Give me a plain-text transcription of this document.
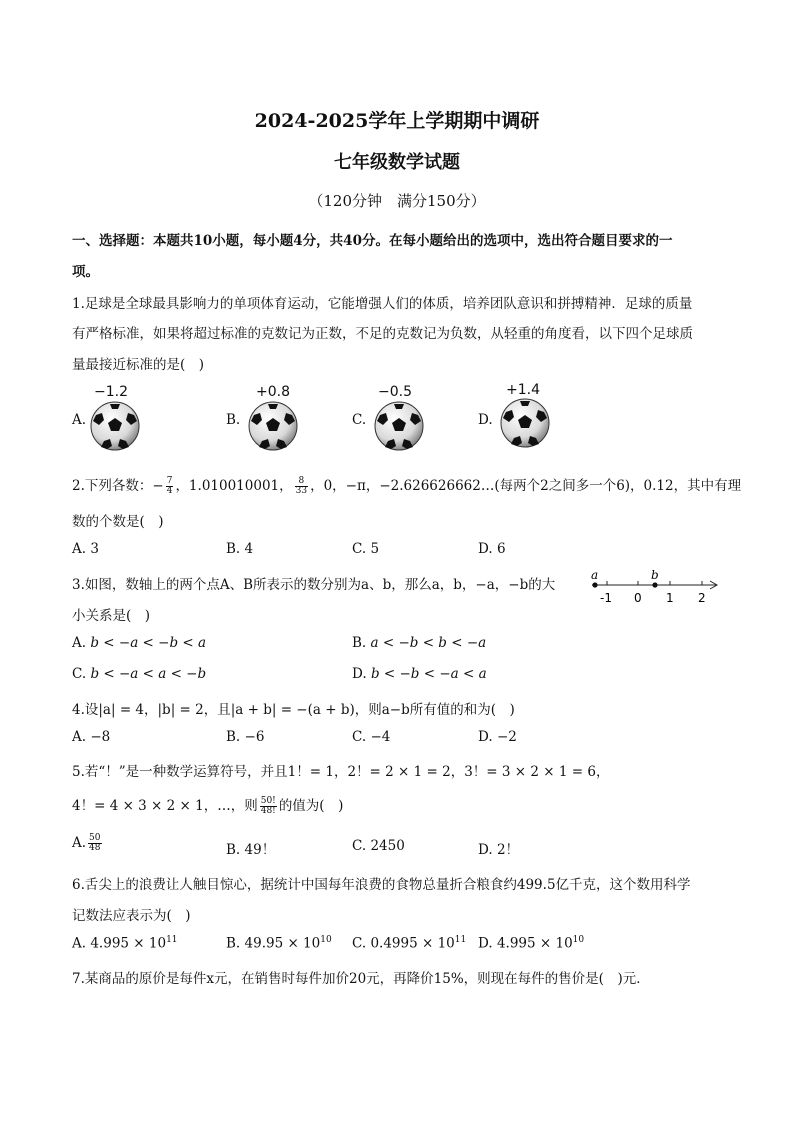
2024-2025学年上学期期中调研
七年级数学试题
（120分钟　满分150分）
一、选择题：本题共10小题，每小题4分，共40分。在每小题给出的选项中，选出符合题目要求的一
项。
1.足球是全球最具影响力的单项体育运动，它能增强人们的体质，培养团队意识和拼搏精神．足球的质量
有严格标准，如果将超过标准的克数记为正数，不足的克数记为负数，从轻重的角度看，以下四个足球质
量最接近标准的是(　)
A.
−1.2
B.
+0.8
C.
−0.5
D.
+1.4
2.下列各数：− $\frac{7}{4}$ ，1.010010001， $\frac{8}{33}$ ，0，−π，−2.626626662…(每两个2之间多一个6)，0.12，其中有理
数的个数是(　)
A. 3	B. 4	C. 5	D. 6
3.如图，数轴上的两个点A、B所表示的数分别为a、b，那么a，b，−a，−b的大
小关系是(　)
a	b
-1 0 1 2
A. b < −a < −b < a	B. a < −b < b < −a
C. b < −a < a < −b	D. b < −b < −a < a
4.设|a| = 4，|b| = 2，且|a + b| = −(a + b)，则a−b所有值的和为(　)
A. −8	B. −6	C. −4	D. −2
5.若“！”是一种数学运算符号，并且1！= 1，2！= 2 × 1 = 2，3！= 3 × 2 × 1 = 6，
4！= 4 × 3 × 2 × 1，…，则 $\frac{50!}{48!}$ 的值为(　)
A. $\frac{50}{48}$	B. 49！	C. 2450	D. 2！
6.舌尖上的浪费让人触目惊心，据统计中国每年浪费的食物总量折合粮食约499.5亿千克，这个数用科学
记数法应表示为(　)
A. $4.995 \times 10^{11}$	B. $49.95 \times 10^{10}$ C. $0.4995 \times 10^{11}$ D. $4.995 \times 10^{10}$
7.某商品的原价是每件x元，在销售时每件加价20元，再降价15%，则现在每件的售价是(　)元．
